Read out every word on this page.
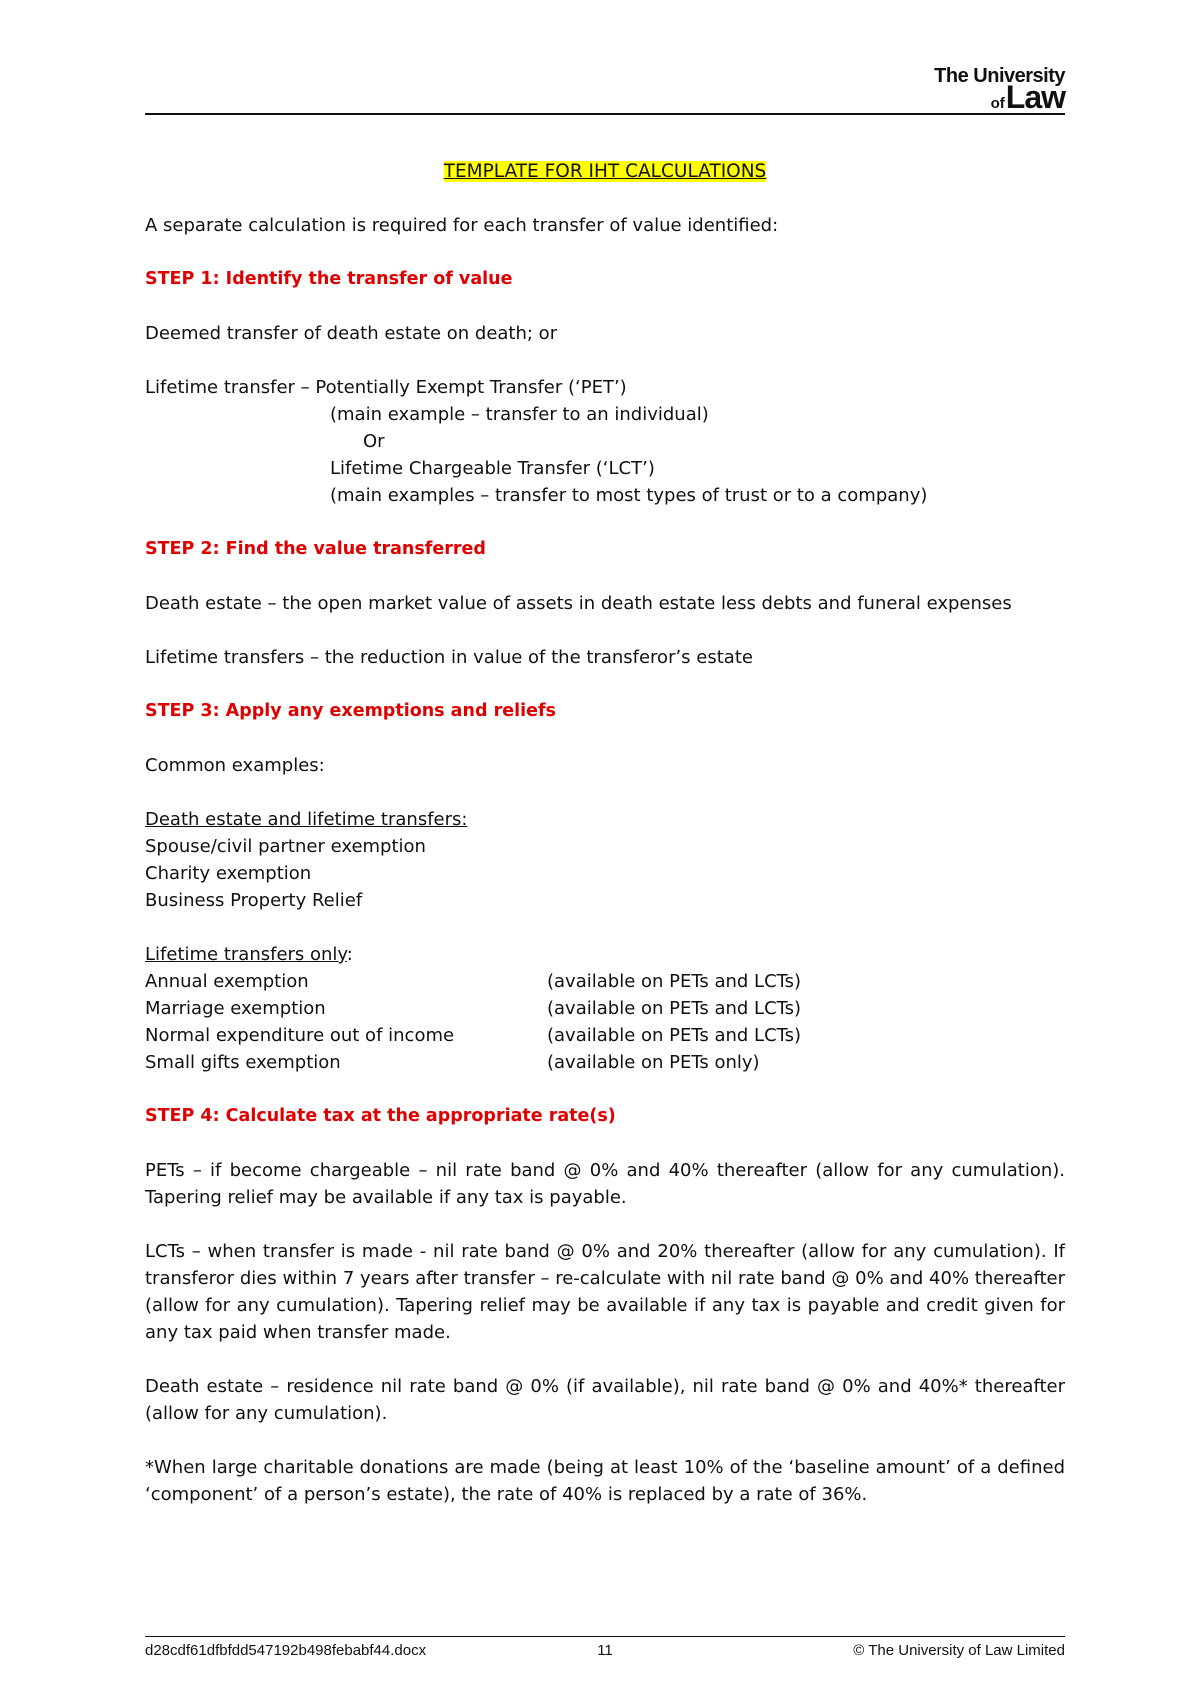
The University
of Law

TEMPLATE FOR IHT CALCULATIONS

A separate calculation is required for each transfer of value identified:

STEP 1: Identify the transfer of value

Deemed transfer of death estate on death; or

Lifetime transfer – Potentially Exempt Transfer (‘PET’)

(main example – transfer to an individual)

Or

Lifetime Chargeable Transfer (‘LCT’)

(main examples – transfer to most types of trust or to a company)

STEP 2: Find the value transferred

Death estate – the open market value of assets in death estate less debts and funeral expenses

Lifetime transfers – the reduction in value of the transferor’s estate

STEP 3: Apply any exemptions and reliefs

Common examples:

Death estate and lifetime transfers:

Spouse/civil partner exemption

Charity exemption

Business Property Relief

Lifetime transfers only:

Annual exemption	(available on PETs and LCTs)
Marriage exemption	(available on PETs and LCTs)
Normal expenditure out of income	(available on PETs and LCTs)
Small gifts exemption	(available on PETs only)

STEP 4: Calculate tax at the appropriate rate(s)

PETs – if become chargeable – nil rate band @ 0% and 40% thereafter (allow for any cumulation). Tapering relief may be available if any tax is payable.

LCTs – when transfer is made - nil rate band @ 0% and 20% thereafter (allow for any cumulation). If transferor dies within 7 years after transfer – re-calculate with nil rate band @ 0% and 40% thereafter (allow for any cumulation). Tapering relief may be available if any tax is payable and credit given for any tax paid when transfer made.

Death estate – residence nil rate band @ 0% (if available), nil rate band @ 0% and 40%* thereafter (allow for any cumulation).

*When large charitable donations are made (being at least 10% of the ‘baseline amount’ of a defined ‘component’ of a person’s estate), the rate of 40% is replaced by a rate of 36%.

d28cdf61dfbfdd547192b498febabf44.docx	11	© The University of Law Limited
